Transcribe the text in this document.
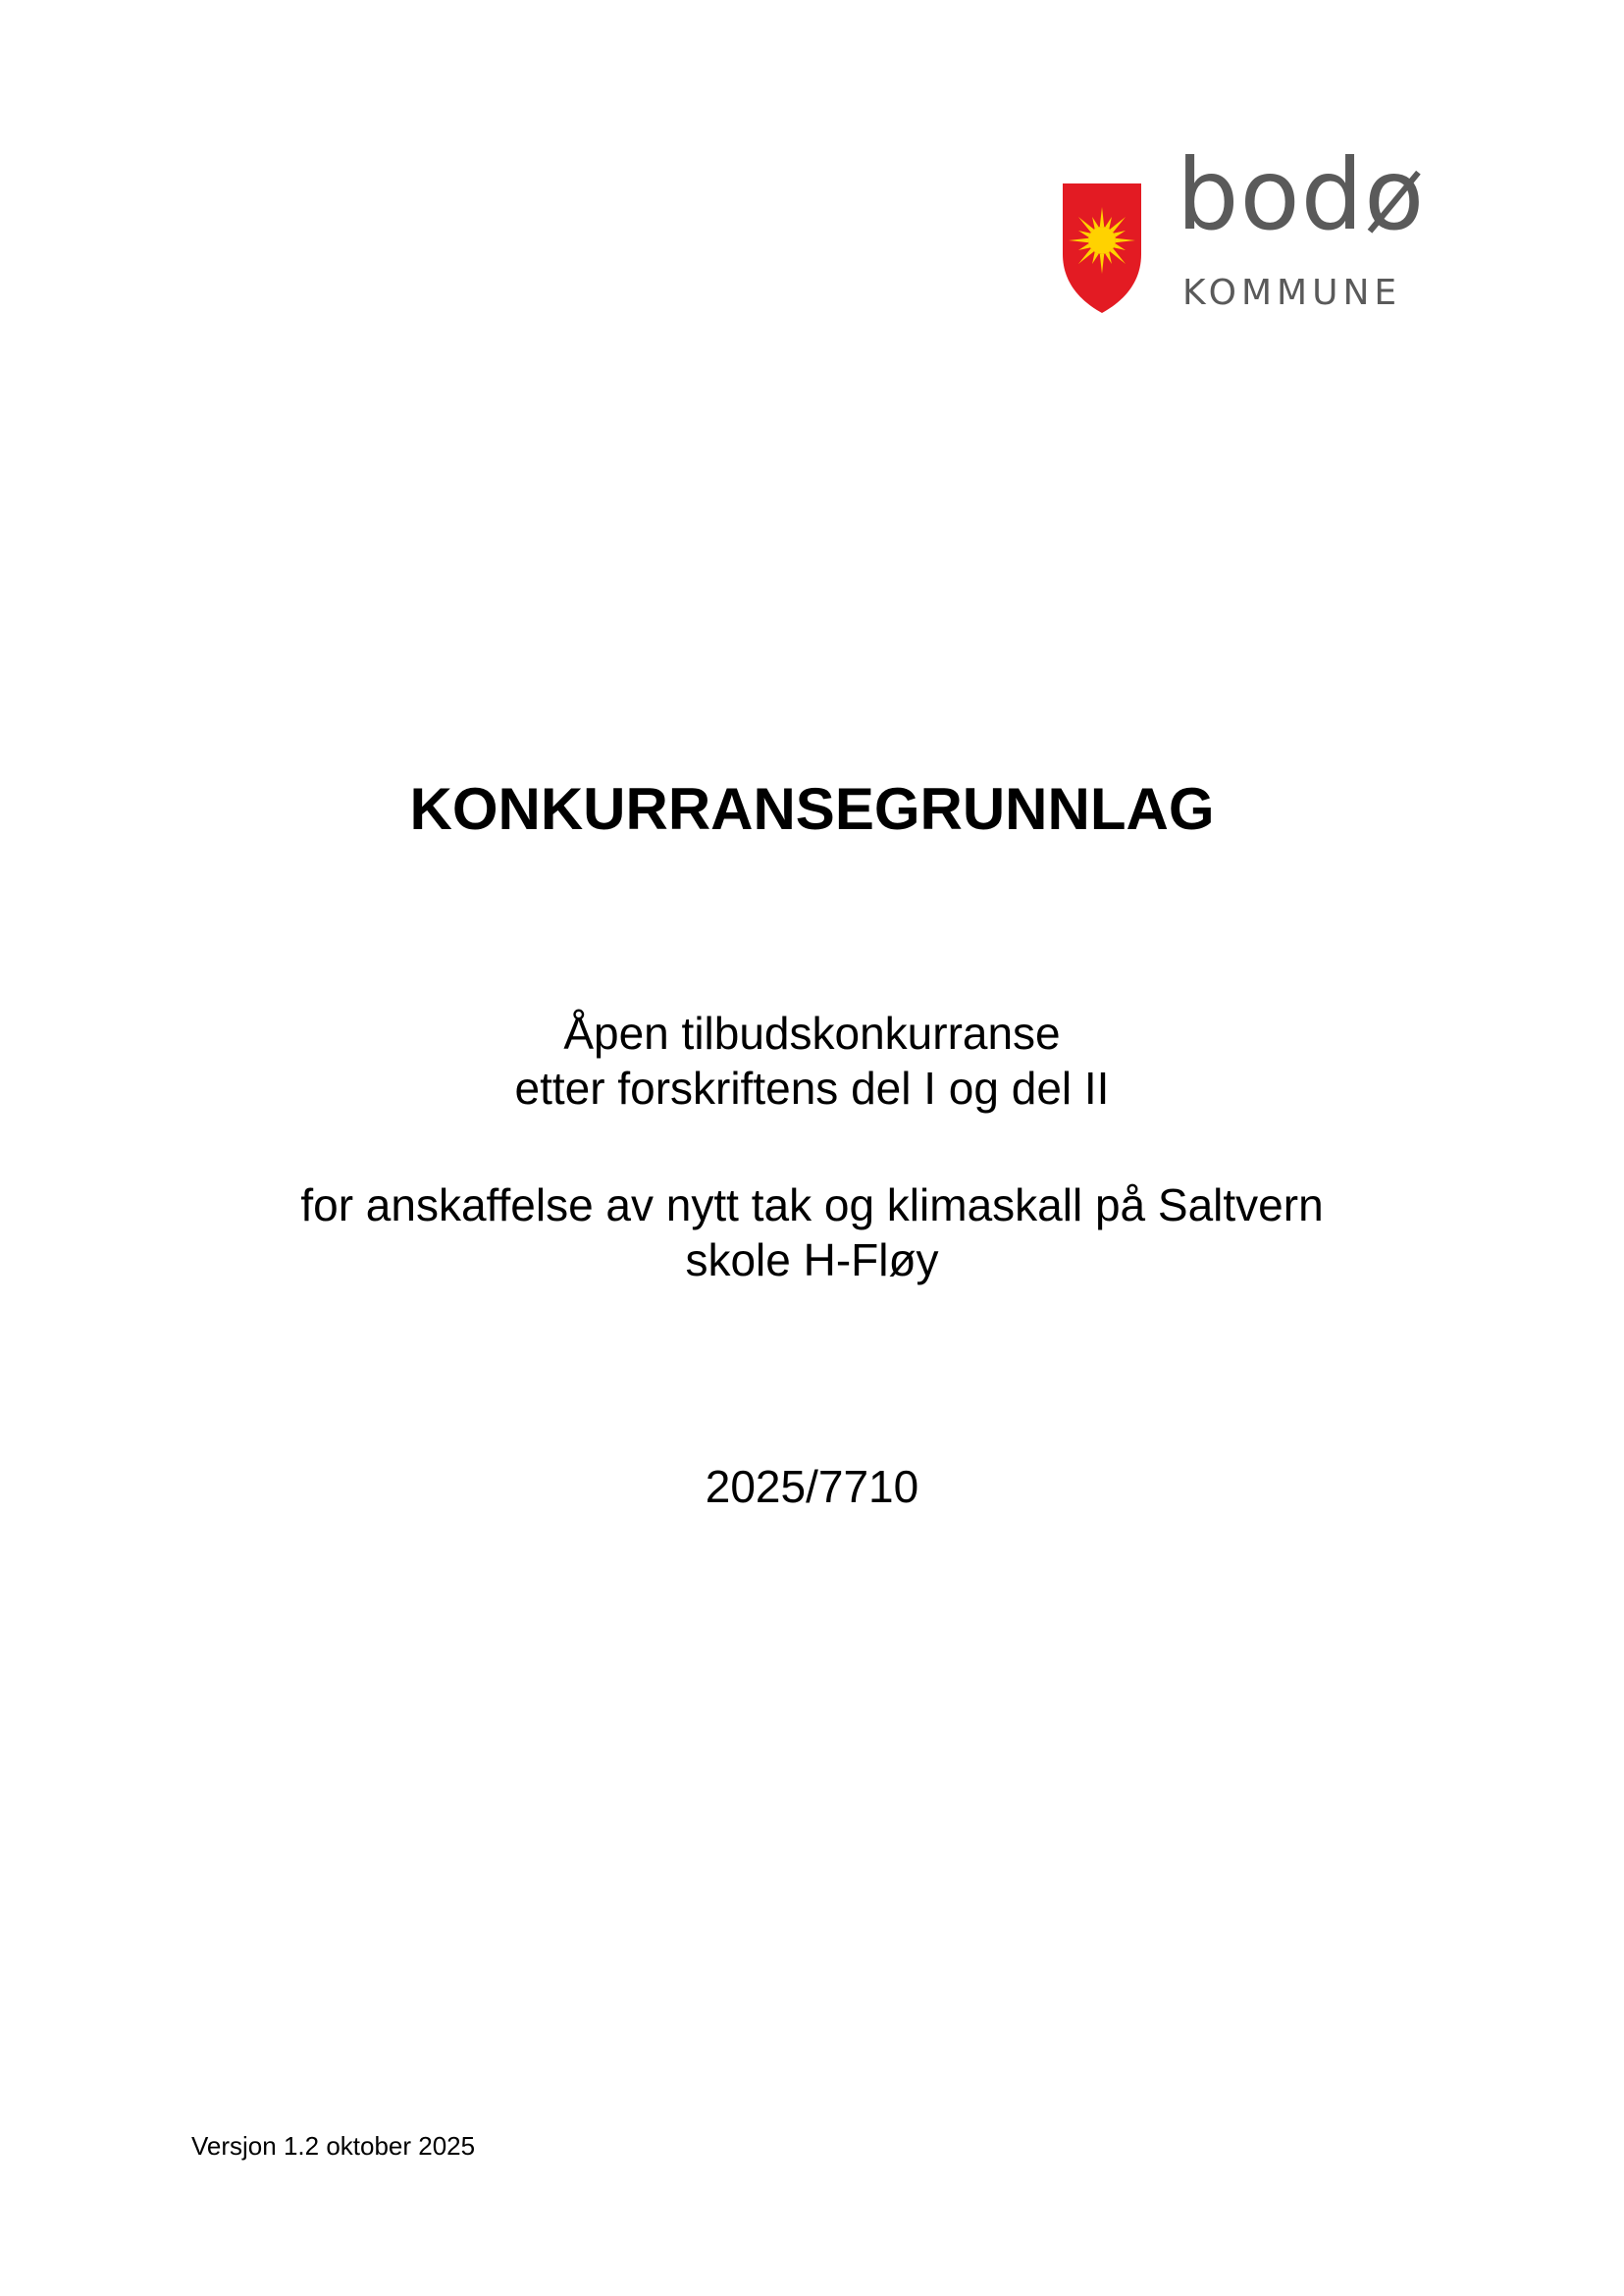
bodø
KOMMUNE
KONKURRANSEGRUNNLAG
Åpen tilbudskonkurranse
etter forskriftens del I og del II
for anskaffelse av nytt tak og klimaskall på Saltvern
skole H-Fløy
2025/7710
Versjon 1.2 oktober 2025
